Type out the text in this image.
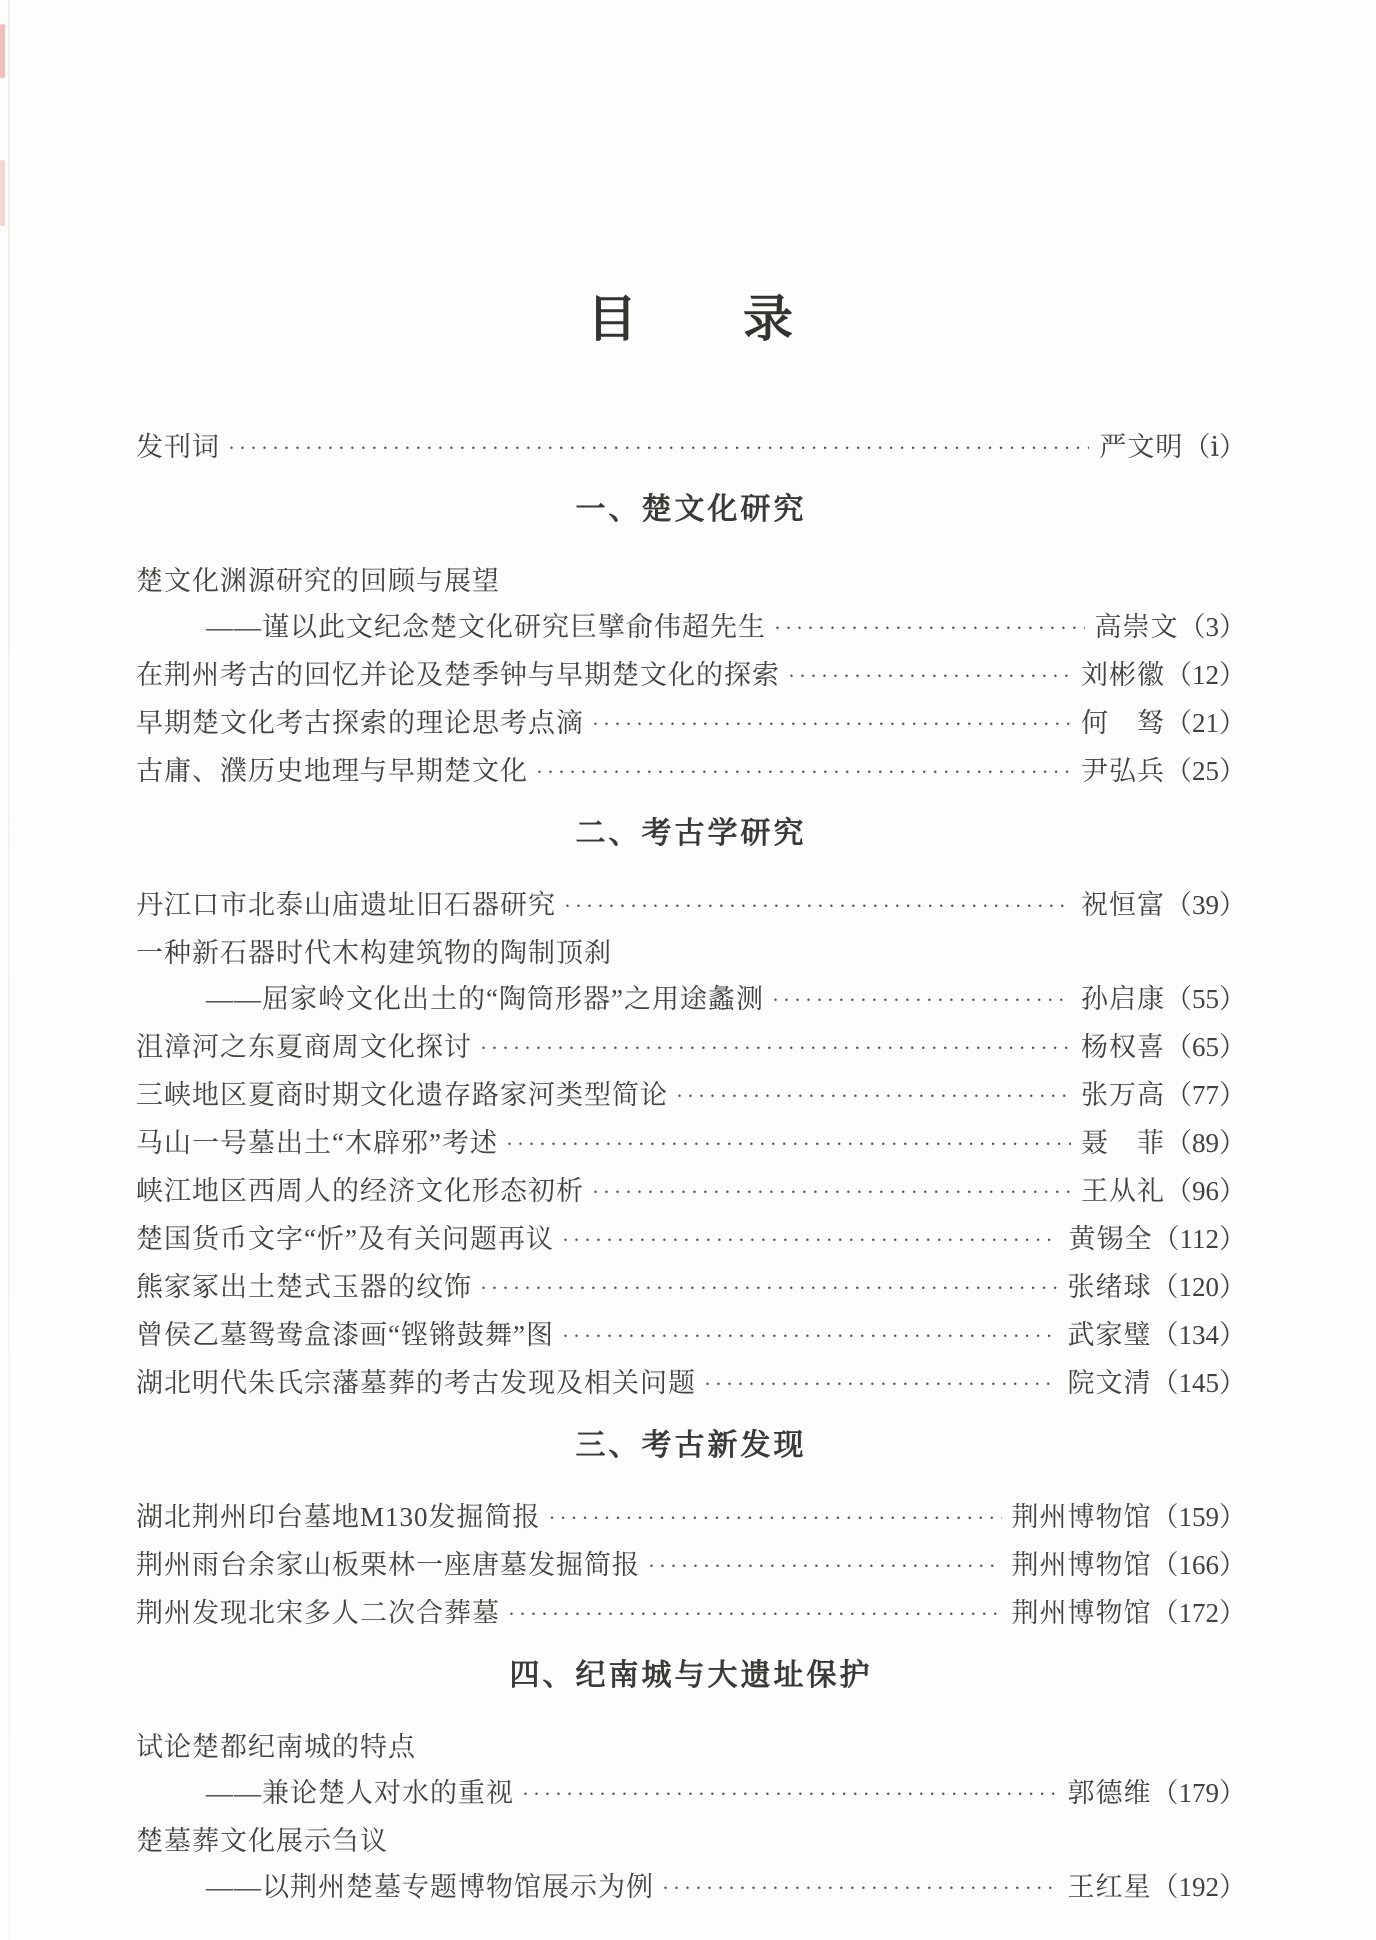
目　　录
发刊词 ·····	严文明 （ⅰ）
一、楚文化研究
楚文化渊源研究的回顾与展望
——谨以此文纪念楚文化研究巨擘俞伟超先生 ·····	高崇文 （3）
在荆州考古的回忆并论及楚季钟与早期楚文化的探索 ·····	刘彬徽 （12）
早期楚文化考古探索的理论思考点滴 ·····	何　驽 （21）
古庸、濮历史地理与早期楚文化 ·····	尹弘兵 （25）
二、考古学研究
丹江口市北泰山庙遗址旧石器研究 ·····	祝恒富 （39）
一种新石器时代木构建筑物的陶制顶刹
——屈家岭文化出土的“陶筒形器”之用途蠡测 ·····	孙启康 （55）
沮漳河之东夏商周文化探讨 ·····	杨权喜 （65）
三峡地区夏商时期文化遗存路家河类型简论 ·····	张万高 （77）
马山一号墓出土“木辟邪”考述 ·····	聂　菲 （89）
峡江地区西周人的经济文化形态初析 ·····	王从礼 （96）
楚国货币文字“忻”及有关问题再议 ·····	黄锡全 （112）
熊家冢出土楚式玉器的纹饰 ·····	张绪球 （120）
曾侯乙墓鸳鸯盒漆画“铿锵鼓舞”图 ·····	武家璧 （134）
湖北明代朱氏宗藩墓葬的考古发现及相关问题 ·····	院文清 （145）
三、考古新发现
湖北荆州印台墓地M130发掘简报 ·····	荆州博物馆 （159）
荆州雨台余家山板栗林一座唐墓发掘简报 ·····	荆州博物馆 （166）
荆州发现北宋多人二次合葬墓 ·····	荆州博物馆 （172）
四、纪南城与大遗址保护
试论楚都纪南城的特点
——兼论楚人对水的重视 ·····	郭德维 （179）
楚墓葬文化展示刍议
——以荆州楚墓专题博物馆展示为例 ·····	王红星 （192）
